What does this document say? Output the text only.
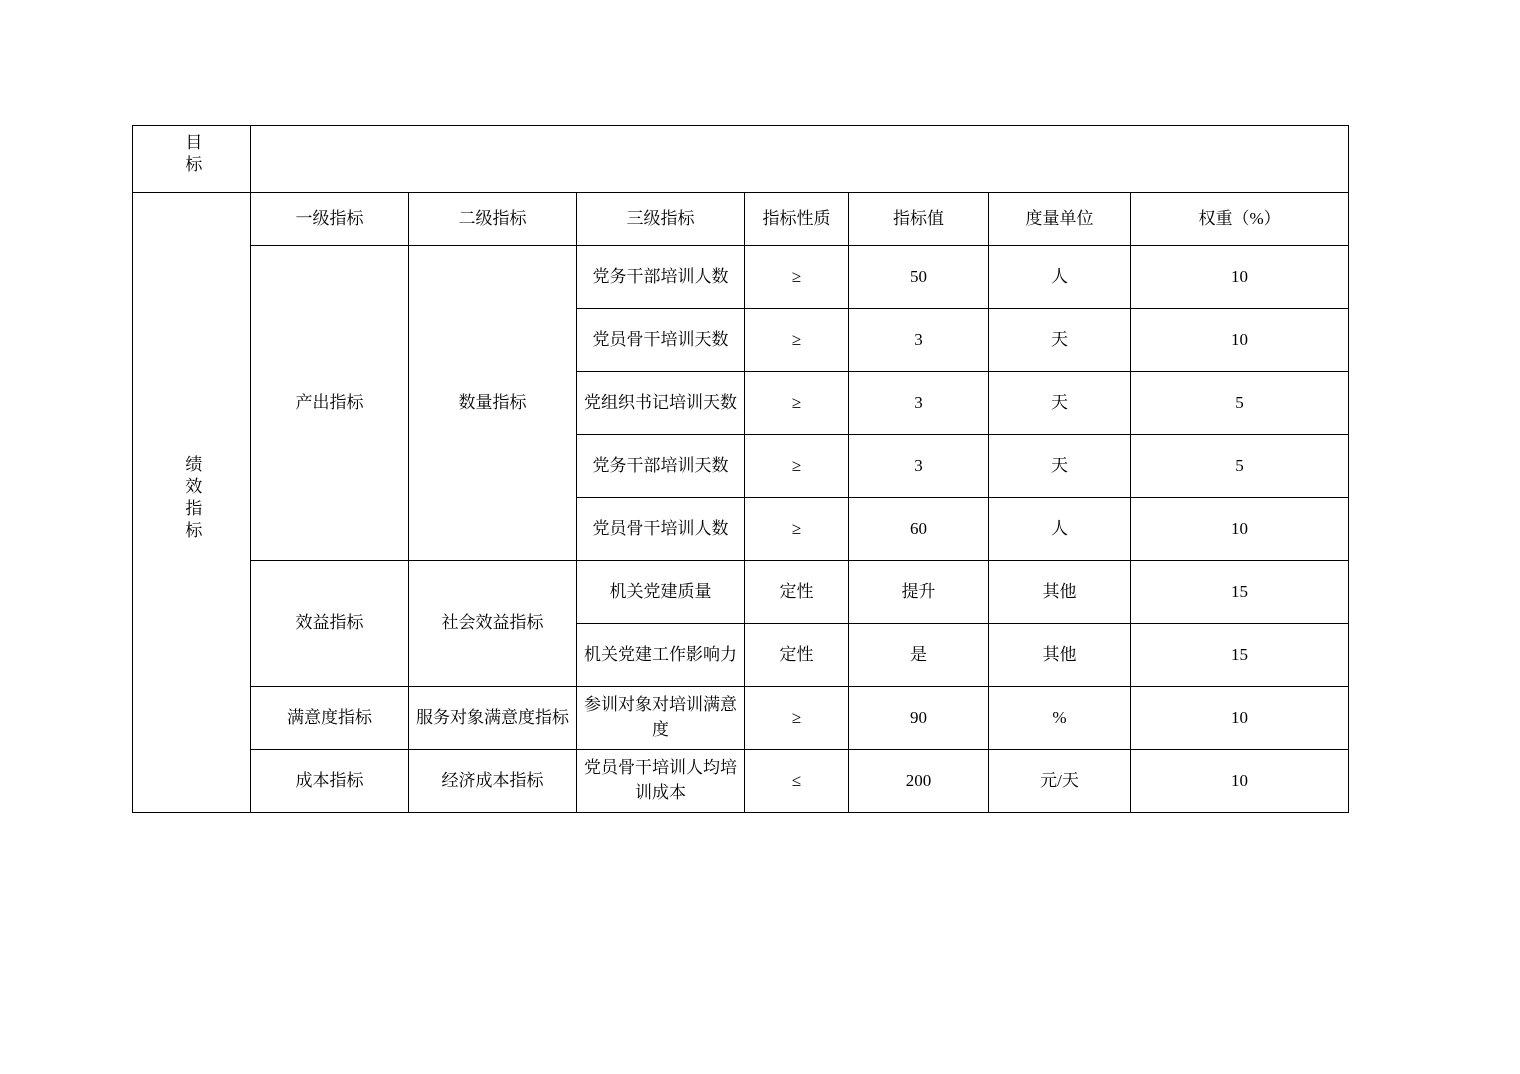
目标							
绩效指标	一级指标	二级指标	三级指标	指标性质	指标值	度量单位	权重（%）
	产出指标	数量指标	党务干部培训人数	≥	50	人	10
			党员骨干培训天数	≥	3	天	10
			党组织书记培训天数	≥	3	天	5
			党务干部培训天数	≥	3	天	5
			党员骨干培训人数	≥	60	人	10
	效益指标	社会效益指标	机关党建质量	定性	提升	其他	15
			机关党建工作影响力	定性	是	其他	15
	满意度指标	服务对象满意度指标	参训对象对培训满意度	≥	90	%	10
	成本指标	经济成本指标	党员骨干培训人均培训成本	≤	200	元/天	10
